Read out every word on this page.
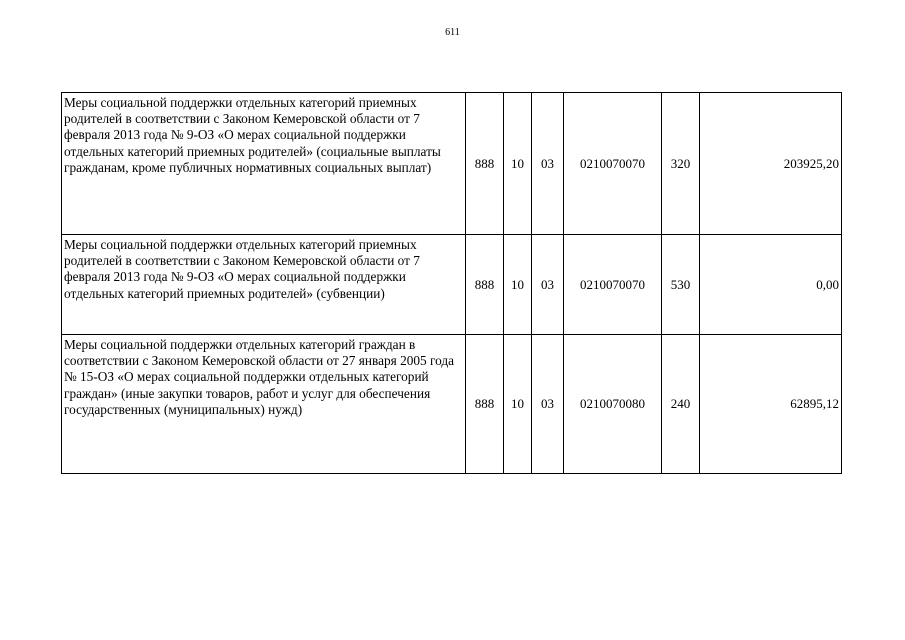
611
Меры социальной поддержки отдельных категорий приемных родителей в соответствии с Законом Кемеровской области от 7 февраля 2013 года № 9-ОЗ «О мерах социальной поддержки отдельных категорий приемных родителей» (социальные выплаты гражданам, кроме публичных нормативных социальных выплат)	888	10	03	0210070070	320	203925,20
Меры социальной поддержки отдельных категорий приемных родителей в соответствии с Законом Кемеровской области от 7 февраля 2013 года № 9-ОЗ «О мерах социальной поддержки отдельных категорий приемных родителей» (субвенции)	888	10	03	0210070070	530	0,00
Меры социальной поддержки отдельных категорий граждан в соответствии с Законом Кемеровской области от 27 января 2005 года № 15-ОЗ «О мерах социальной поддержки отдельных категорий граждан» (иные закупки товаров, работ и услуг для обеспечения государственных (муниципальных) нужд)	888	10	03	0210070080	240	62895,12
